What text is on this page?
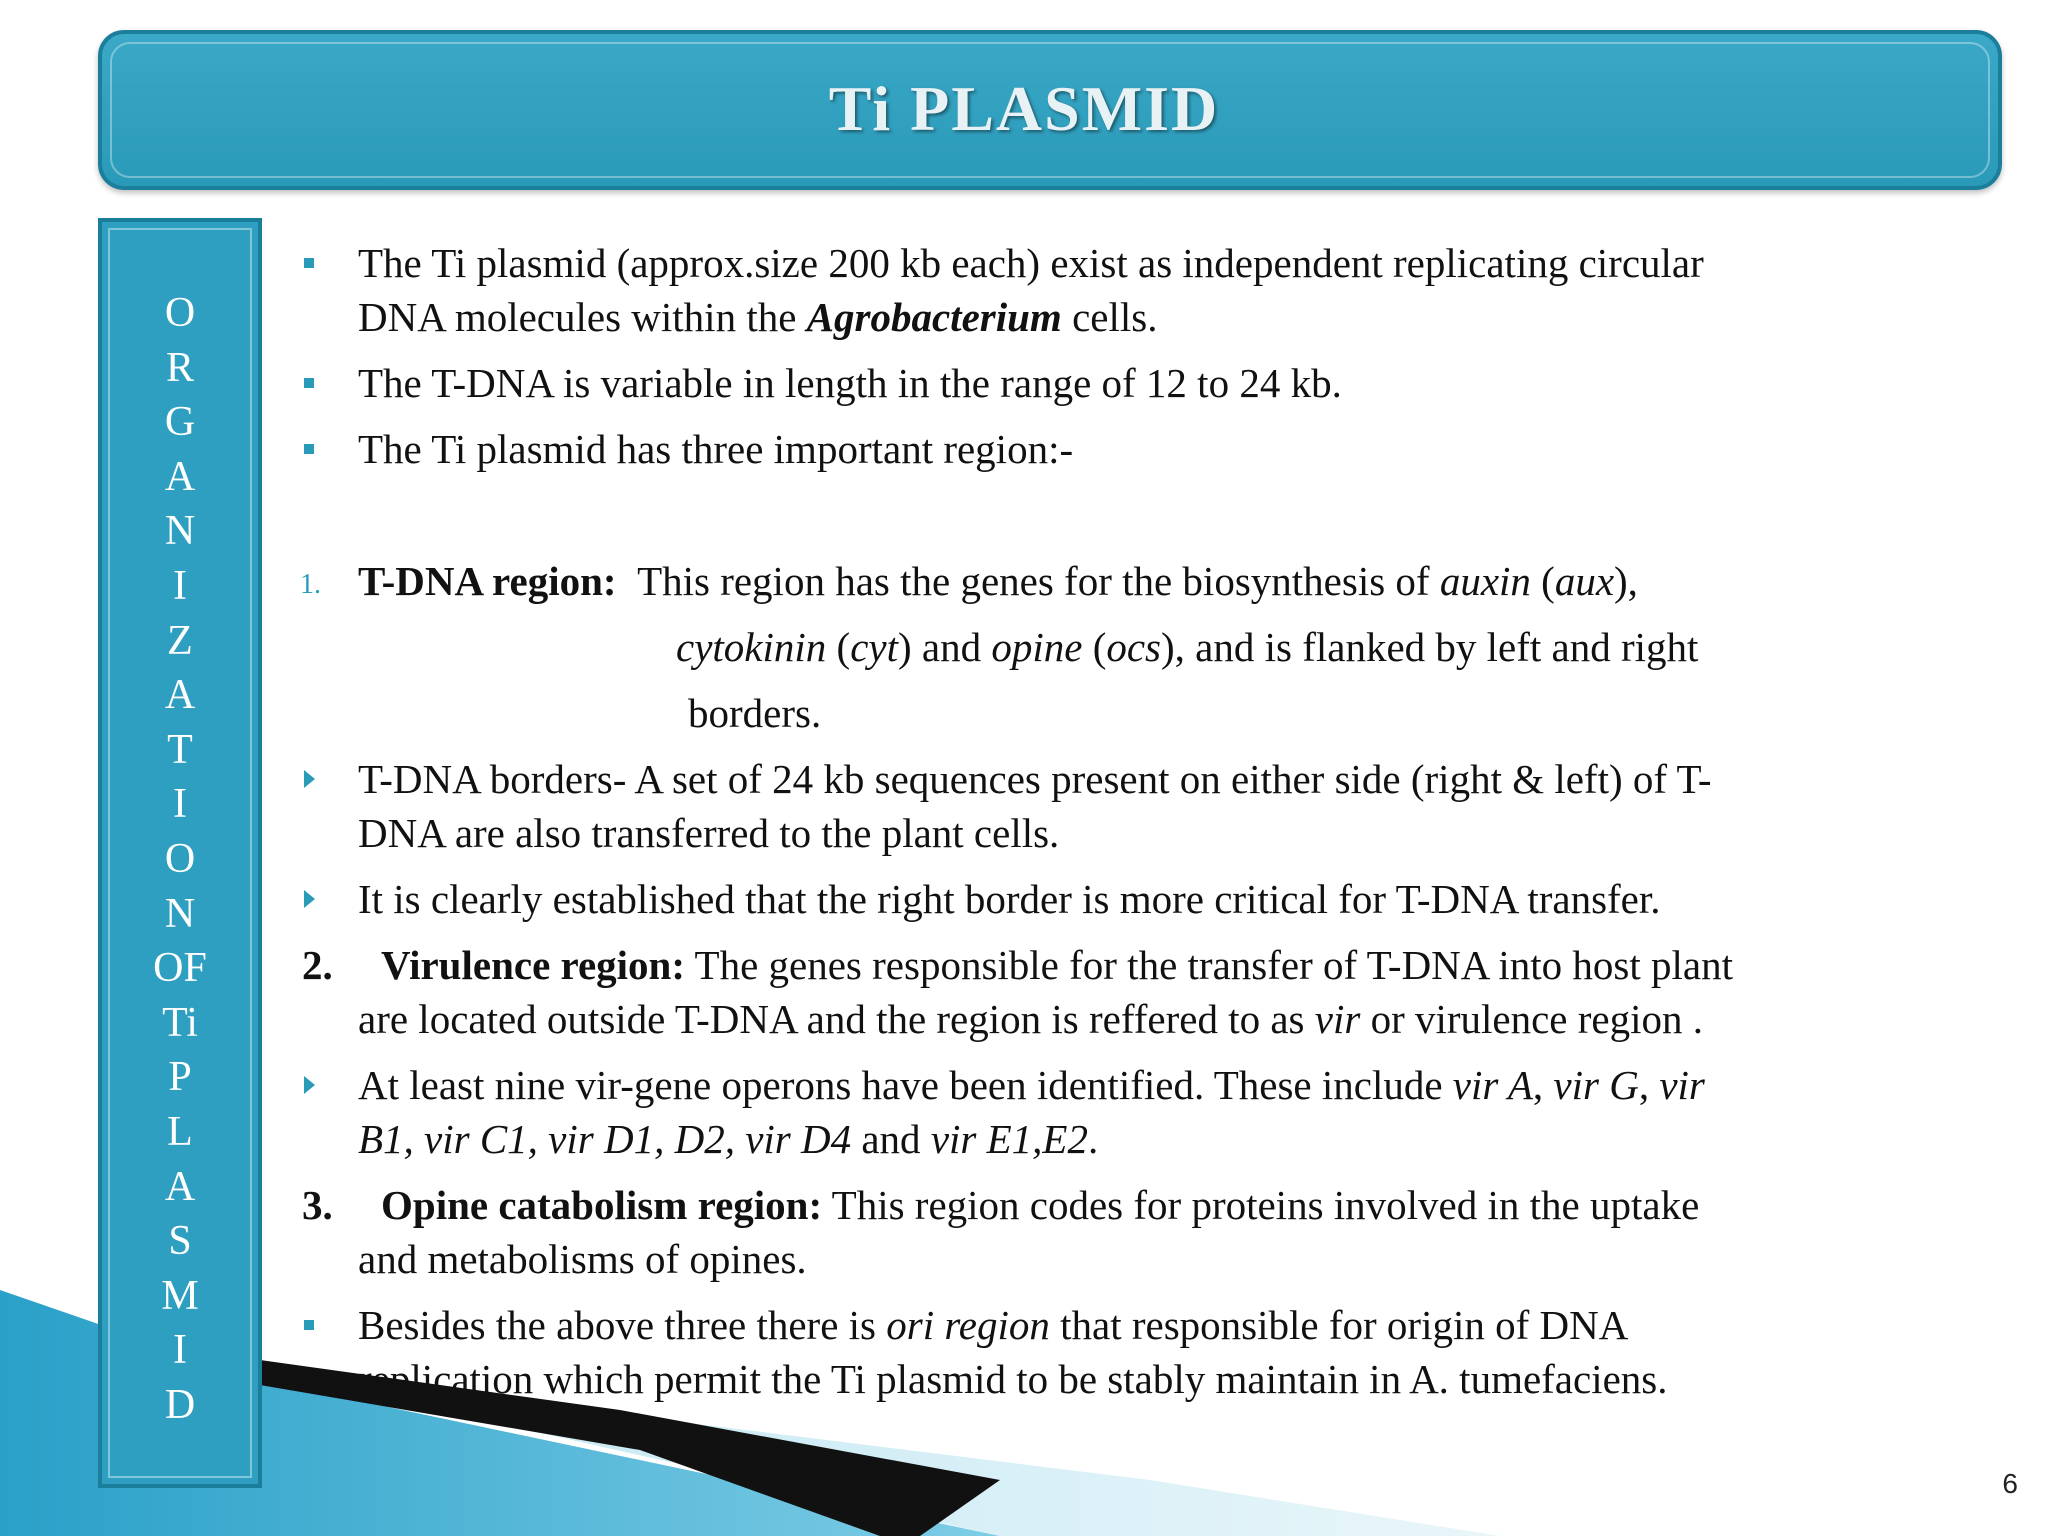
Ti PLASMID
O
R
G
A
N
I
Z
A
T
I
O
N
OF
Ti
P
L
A
S
M
I
D
The Ti plasmid (approx.size 200 kb each) exist as independent replicating circular
DNA molecules within the Agrobacterium cells.
The T-DNA is variable in length in the range of 12 to 24 kb.
The Ti plasmid has three important region:-
1. T-DNA region: This region has the genes for the biosynthesis of auxin (aux),
cytokinin (cyt) and opine (ocs), and is flanked by left and right
borders.
T-DNA borders- A set of 24 kb sequences present on either side (right & left) of T-
DNA are also transferred to the plant cells.
It is clearly established that the right border is more critical for T-DNA transfer.
2. Virulence region: The genes responsible for the transfer of T-DNA into host plant
are located outside T-DNA and the region is reffered to as vir or virulence region .
At least nine vir-gene operons have been identified. These include vir A, vir G, vir
B1, vir C1, vir D1, D2, vir D4 and vir E1,E2.
3. Opine catabolism region: This region codes for proteins involved in the uptake
and metabolisms of opines.
Besides the above three there is ori region that responsible for origin of DNA
replication which permit the Ti plasmid to be stably maintain in A. tumefaciens.
6
